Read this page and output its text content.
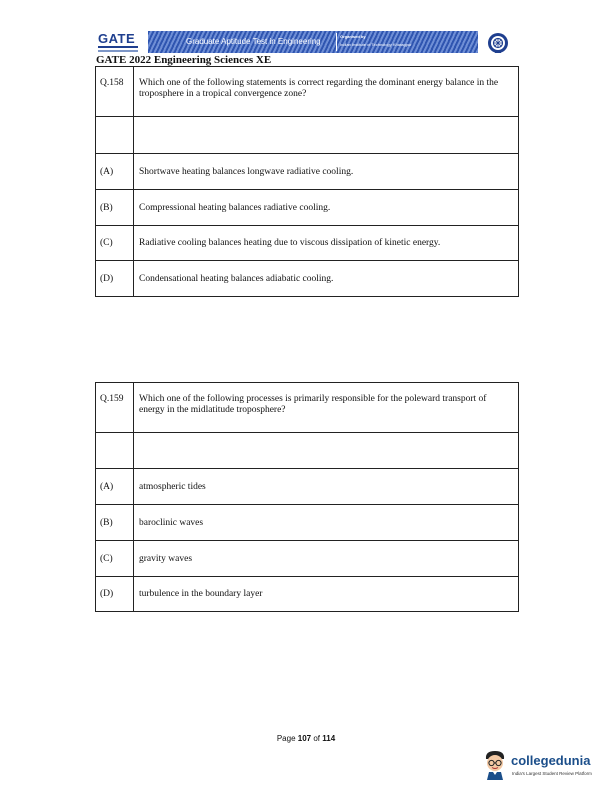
GATE	Graduate Aptitude Test in Engineering
Organised by
Indian Institute of Technology Kharagpur
GATE 2022 Engineering Sciences XE
Q.158	Which one of the following statements is correct regarding the dominant energy balance in the troposphere in a tropical convergence zone?

(A)	Shortwave heating balances longwave radiative cooling.
(B)	Compressional heating balances radiative cooling.
(C)	Radiative cooling balances heating due to viscous dissipation of kinetic energy.
(D)	Condensational heating balances adiabatic cooling.
Q.159	Which one of the following processes is primarily responsible for the poleward transport of energy in the midlatitude troposphere?

(A)	atmospheric tides
(B)	baroclinic waves
(C)	gravity waves
(D)	turbulence in the boundary layer
Page 107 of 114
collegedunia
India's Largest Student Review Platform
